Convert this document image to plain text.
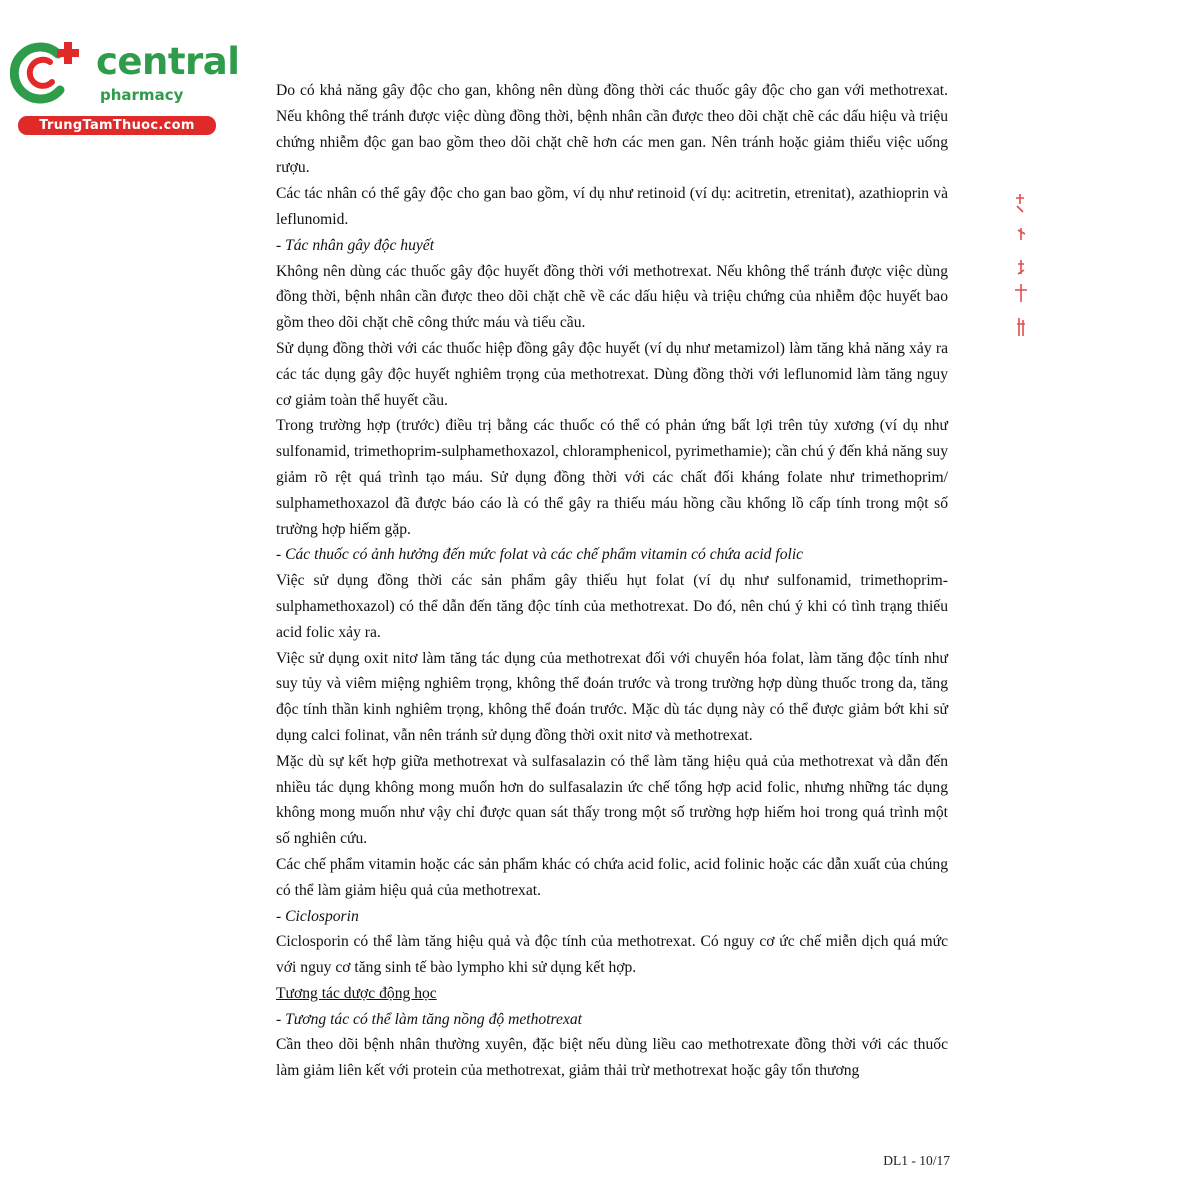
central
pharmacy
TrungTamThuoc.com

Do có khả năng gây độc cho gan, không nên dùng đồng thời các thuốc gây độc cho gan với methotrexat. Nếu không thể tránh được việc dùng đồng thời, bệnh nhân cần được theo dõi chặt chẽ các dấu hiệu và triệu chứng nhiễm độc gan bao gồm theo dõi chặt chẽ hơn các men gan. Nên tránh hoặc giảm thiểu việc uống rượu.

Các tác nhân có thể gây độc cho gan bao gồm, ví dụ như retinoid (ví dụ: acitretin, etrenitat), azathioprin và leflunomid.

- Tác nhân gây độc huyết

Không nên dùng các thuốc gây độc huyết đồng thời với methotrexat. Nếu không thể tránh được việc dùng đồng thời, bệnh nhân cần được theo dõi chặt chẽ về các dấu hiệu và triệu chứng của nhiễm độc huyết bao gồm theo dõi chặt chẽ công thức máu và tiểu cầu.

Sử dụng đồng thời với các thuốc hiệp đồng gây độc huyết (ví dụ như metamizol) làm tăng khả năng xảy ra các tác dụng gây độc huyết nghiêm trọng của methotrexat. Dùng đồng thời với leflunomid làm tăng nguy cơ giảm toàn thể huyết cầu.

Trong trường hợp (trước) điều trị bằng các thuốc có thể có phản ứng bất lợi trên tủy xương (ví dụ như sulfonamid, trimethoprim-sulphamethoxazol, chloramphenicol, pyrimethamie); cần chú ý đến khả năng suy giảm rõ rệt quá trình tạo máu. Sử dụng đồng thời với các chất đối kháng folate như trimethoprim/ sulphamethoxazol đã được báo cáo là có thể gây ra thiếu máu hồng cầu khổng lồ cấp tính trong một số trường hợp hiếm gặp.

- Các thuốc có ảnh hưởng đến mức folat và các chế phẩm vitamin có chứa acid folic

Việc sử dụng đồng thời các sản phẩm gây thiếu hụt folat (ví dụ như sulfonamid, trimethoprim-sulphamethoxazol) có thể dẫn đến tăng độc tính của methotrexat. Do đó, nên chú ý khi có tình trạng thiếu acid folic xảy ra.

Việc sử dụng oxit nitơ làm tăng tác dụng của methotrexat đối với chuyển hóa folat, làm tăng độc tính như suy tủy và viêm miệng nghiêm trọng, không thể đoán trước và trong trường hợp dùng thuốc trong da, tăng độc tính thần kinh nghiêm trọng, không thể đoán trước. Mặc dù tác dụng này có thể được giảm bớt khi sử dụng calci folinat, vẫn nên tránh sử dụng đồng thời oxit nitơ và methotrexat.

Mặc dù sự kết hợp giữa methotrexat và sulfasalazin có thể làm tăng hiệu quả của methotrexat và dẫn đến nhiều tác dụng không mong muốn hơn do sulfasalazin ức chế tổng hợp acid folic, nhưng những tác dụng không mong muốn như vậy chỉ được quan sát thấy trong một số trường hợp hiếm hoi trong quá trình một số nghiên cứu.

Các chế phẩm vitamin hoặc các sản phẩm khác có chứa acid folic, acid folinic hoặc các dẫn xuất của chúng có thể làm giảm hiệu quả của methotrexat.

- Ciclosporin

Ciclosporin có thể làm tăng hiệu quả và độc tính của methotrexat. Có nguy cơ ức chế miễn dịch quá mức với nguy cơ tăng sinh tế bào lympho khi sử dụng kết hợp.

Tương tác dược động học

- Tương tác có thể làm tăng nồng độ methotrexat

Cần theo dõi bệnh nhân thường xuyên, đặc biệt nếu dùng liều cao methotrexate đồng thời với các thuốc làm giảm liên kết với protein của methotrexat, giảm thải trừ methotrexat hoặc gây tổn thương

DL1 - 10/17
